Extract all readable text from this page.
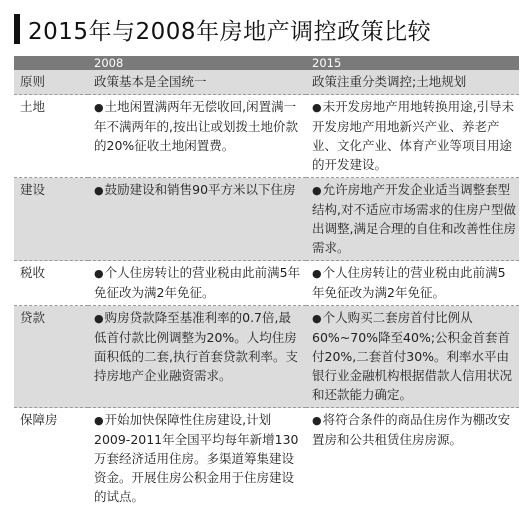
2015年与2008年房地产调控政策比较
	2008	2015
原则	政策基本是全国统一	政策注重分类调控;土地规划
土地	●土地闲置满两年无偿收回,闲置满一年不满两年的,按出让或划拨土地价款的20%征收土地闲置费。	●未开发房地产用地转换用途,引导未开发房地产用地新兴产业、养老产业、文化产业、体育产业等项目用途的开发建设。
建设	●鼓励建设和销售90平方米以下住房	●允许房地产开发企业适当调整套型结构,对不适应市场需求的住房户型做出调整,满足合理的自住和改善性住房需求。
税收	●个人住房转让的营业税由此前满5年免征改为满2年免征。	●个人住房转让的营业税由此前满5年免征改为满2年免征。
贷款	●购房贷款降至基准利率的0.7倍,最低首付款比例调整为20%。人均住房面积低的二套,执行首套贷款利率。支持房地产企业融资需求。	●个人购买二套房首付比例从60%~70%降至40%;公积金首套首付20%,二套首付30%。利率水平由银行业金融机构根据借款人信用状况和还款能力确定。
保障房	●开始加快保障性住房建设,计划2009-2011年全国平均每年新增130万套经济适用住房。多渠道筹集建设资金。开展住房公积金用于住房建设的试点。	●将符合条件的商品住房作为棚改安置房和公共租赁住房房源。
